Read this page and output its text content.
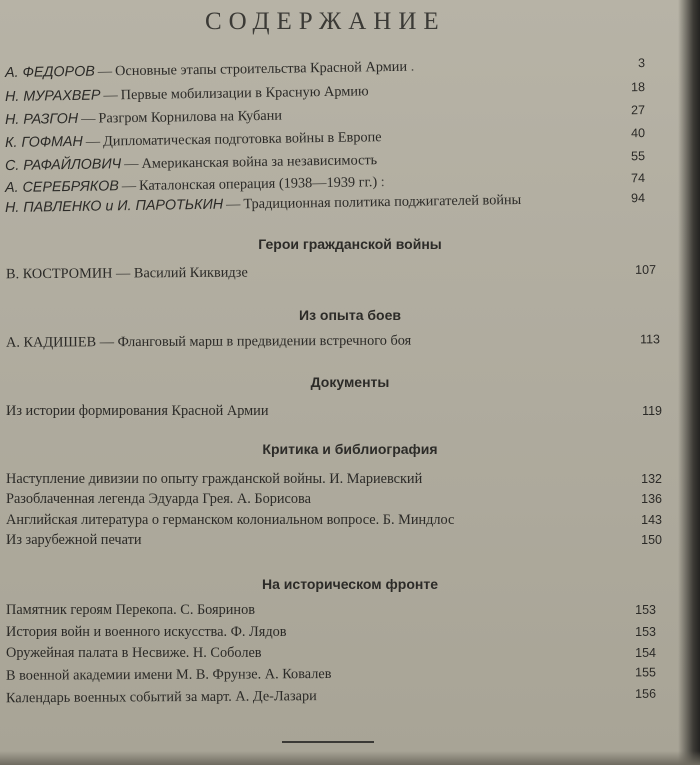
СОДЕРЖАНИЕ
А. ФЕДОРОВ — Основные этапы строительства Красной Армии .	3
Н. МУРАХВЕР — Первые мобилизации в Красную Армию	18
Н. РАЗГОН — Разгром Корнилова на Кубани	27
К. ГОФМАН — Дипломатическая подготовка войны в Европе	40
С. РАФАЙЛОВИЧ — Американская война за независимость	55
А. СЕРЕБРЯКОВ — Каталонская операция (1938—1939 гг.) :	74
Н. ПАВЛЕНКО и И. ПАРОТЬКИН — Традиционная политика поджигателей войны	94
Герои гражданской войны
В. КОСТРОМИН — Василий Киквидзе	107
Из опыта боев
А. КАДИШЕВ — Фланговый марш в предвидении встречного боя	113
Документы
Из истории формирования Красной Армии	119
Критика и библиография
Наступление дивизии по опыту гражданской войны. И. Мариевский	132
Разоблаченная легенда Эдуарда Грея. А. Борисова	136
Английская литература о германском колониальном вопросе. Б. Миндлос	143
Из зарубежной печати	150
На историческом фронте
Памятник героям Перекопа. С. Бояринов	153
История войн и военного искусства. Ф. Лядов	153
Оружейная палата в Несвиже. Н. Соболев	154
В военной академии имени М. В. Фрунзе. А. Ковалев	155
Календарь военных событий за март. А. Де-Лазари	156
